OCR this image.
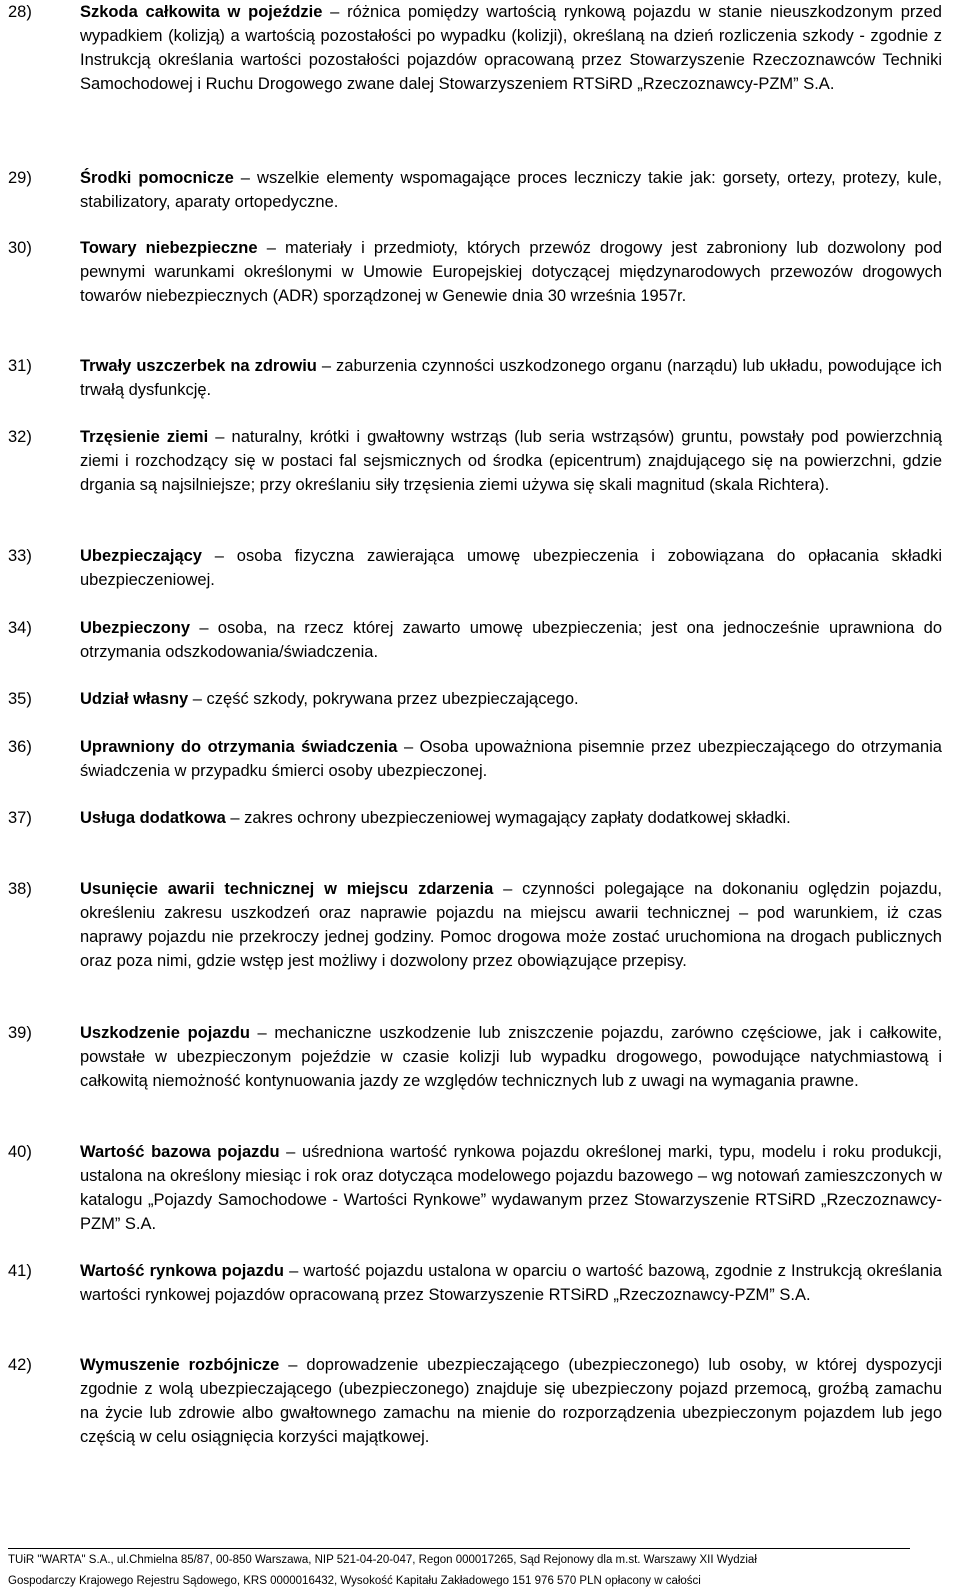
28)	Szkoda całkowita w pojeździe – różnica pomiędzy wartością rynkową pojazdu w stanie nieuszkodzonym przed wypadkiem (kolizją) a wartością pozostałości po wypadku (kolizji), określaną na dzień rozliczenia szkody - zgodnie z Instrukcją określania wartości pozostałości pojazdów opracowaną przez Stowarzyszenie Rzeczoznawców Techniki Samochodowej i Ruchu Drogowego zwane dalej Stowarzyszeniem RTSiRD „Rzeczoznawcy-PZM” S.A.
29)	Środki pomocnicze – wszelkie elementy wspomagające proces leczniczy takie jak: gorsety, ortezy, protezy, kule, stabilizatory, aparaty ortopedyczne.
30)	Towary niebezpieczne – materiały i przedmioty, których przewóz drogowy jest zabroniony lub dozwolony pod pewnymi warunkami określonymi w Umowie Europejskiej dotyczącej międzynarodowych przewozów drogowych towarów niebezpiecznych (ADR) sporządzonej w Genewie dnia 30 września 1957r.
31)	Trwały uszczerbek na zdrowiu – zaburzenia czynności uszkodzonego organu (narządu) lub układu, powodujące ich trwałą dysfunkcję.
32)	Trzęsienie ziemi – naturalny, krótki i gwałtowny wstrząs (lub seria wstrząsów) gruntu, powstały pod powierzchnią ziemi i rozchodzący się w postaci fal sejsmicznych od środka (epicentrum) znajdującego się na powierzchni, gdzie drgania są najsilniejsze; przy określaniu siły trzęsienia ziemi używa się skali magnitud (skala Richtera).
33)	Ubezpieczający – osoba fizyczna zawierająca umowę ubezpieczenia i zobowiązana do opłacania składki ubezpieczeniowej.
34)	Ubezpieczony – osoba, na rzecz której zawarto umowę ubezpieczenia; jest ona jednocześnie uprawniona do otrzymania odszkodowania/świadczenia.
35)	Udział własny – część szkody, pokrywana przez ubezpieczającego.
36)	Uprawniony do otrzymania świadczenia – Osoba upoważniona pisemnie przez ubezpieczającego do otrzymania świadczenia w przypadku śmierci osoby ubezpieczonej.
37)	Usługa dodatkowa – zakres ochrony ubezpieczeniowej wymagający zapłaty dodatkowej składki.
38)	Usunięcie awarii technicznej w miejscu zdarzenia – czynności polegające na dokonaniu oględzin pojazdu, określeniu zakresu uszkodzeń oraz naprawie pojazdu na miejscu awarii technicznej – pod warunkiem, iż czas naprawy pojazdu nie przekroczy jednej godziny. Pomoc drogowa może zostać uruchomiona na drogach publicznych oraz poza nimi, gdzie wstęp jest możliwy i dozwolony przez obowiązujące przepisy.
39)	Uszkodzenie pojazdu – mechaniczne uszkodzenie lub zniszczenie pojazdu, zarówno częściowe, jak i całkowite, powstałe w ubezpieczonym pojeździe w czasie kolizji lub wypadku drogowego, powodujące natychmiastową i całkowitą niemożność kontynuowania jazdy ze względów technicznych lub z uwagi na wymagania prawne.
40)	Wartość bazowa pojazdu – uśredniona wartość rynkowa pojazdu określonej marki, typu, modelu i roku produkcji, ustalona na określony miesiąc i rok oraz dotycząca modelowego pojazdu bazowego – wg notowań zamieszczonych w katalogu „Pojazdy Samochodowe - Wartości Rynkowe” wydawanym przez Stowarzyszenie RTSiRD „Rzeczoznawcy-PZM” S.A.
41)	Wartość rynkowa pojazdu – wartość pojazdu ustalona w oparciu o wartość bazową, zgodnie z Instrukcją określania wartości rynkowej pojazdów opracowaną przez Stowarzyszenie RTSiRD „Rzeczoznawcy-PZM” S.A.
42)	Wymuszenie rozbójnicze – doprowadzenie ubezpieczającego (ubezpieczonego) lub osoby, w której dyspozycji zgodnie z wolą ubezpieczającego (ubezpieczonego) znajduje się ubezpieczony pojazd przemocą, groźbą zamachu na życie lub zdrowie albo gwałtownego zamachu na mienie do rozporządzenia ubezpieczonym pojazdem lub jego częścią w celu osiągnięcia korzyści majątkowej.
TUiR "WARTA" S.A., ul.Chmielna 85/87, 00-850 Warszawa, NIP 521-04-20-047, Regon 000017265, Sąd Rejonowy dla m.st. Warszawy XII Wydział
Gospodarczy Krajowego Rejestru Sądowego, KRS 0000016432, Wysokość Kapitału Zakładowego 151 976 570 PLN opłacony w całości
